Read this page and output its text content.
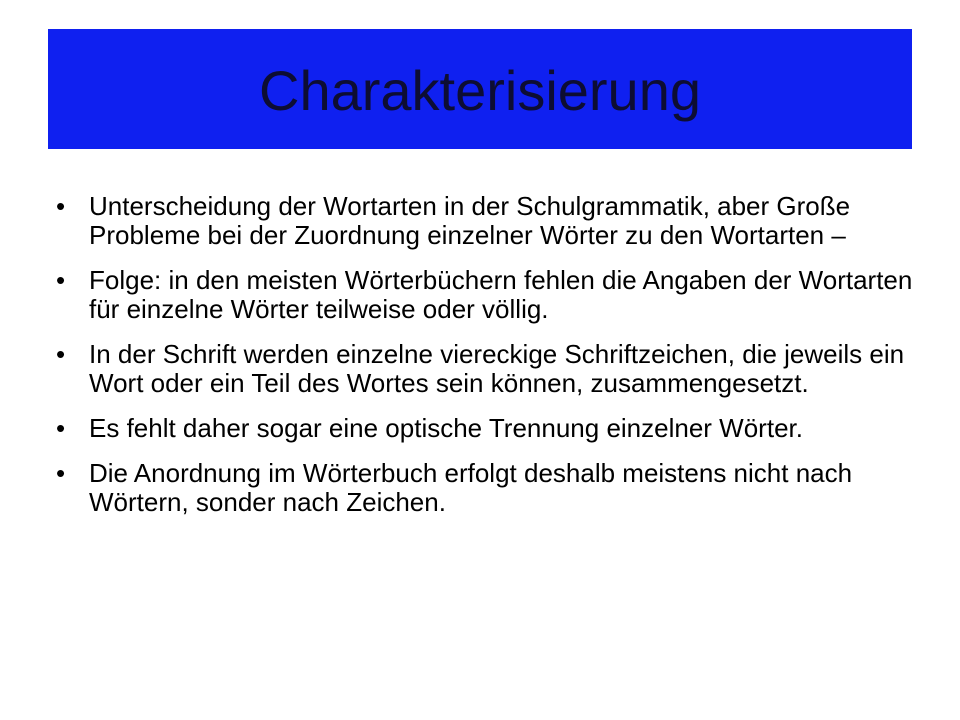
Charakterisierung
• Unterscheidung der Wortarten in der Schulgrammatik, aber Große Probleme bei der Zuordnung einzelner Wörter zu den Wortarten –
• Folge: in den meisten Wörterbüchern fehlen die Angaben der Wortarten für einzelne Wörter teilweise oder völlig.
• In der Schrift werden einzelne viereckige Schriftzeichen, die jeweils ein Wort oder ein Teil des Wortes sein können, zusammengesetzt.
• Es fehlt daher sogar eine optische Trennung einzelner Wörter.
• Die Anordnung im Wörterbuch erfolgt deshalb meistens nicht nach Wörtern, sonder nach Zeichen.
